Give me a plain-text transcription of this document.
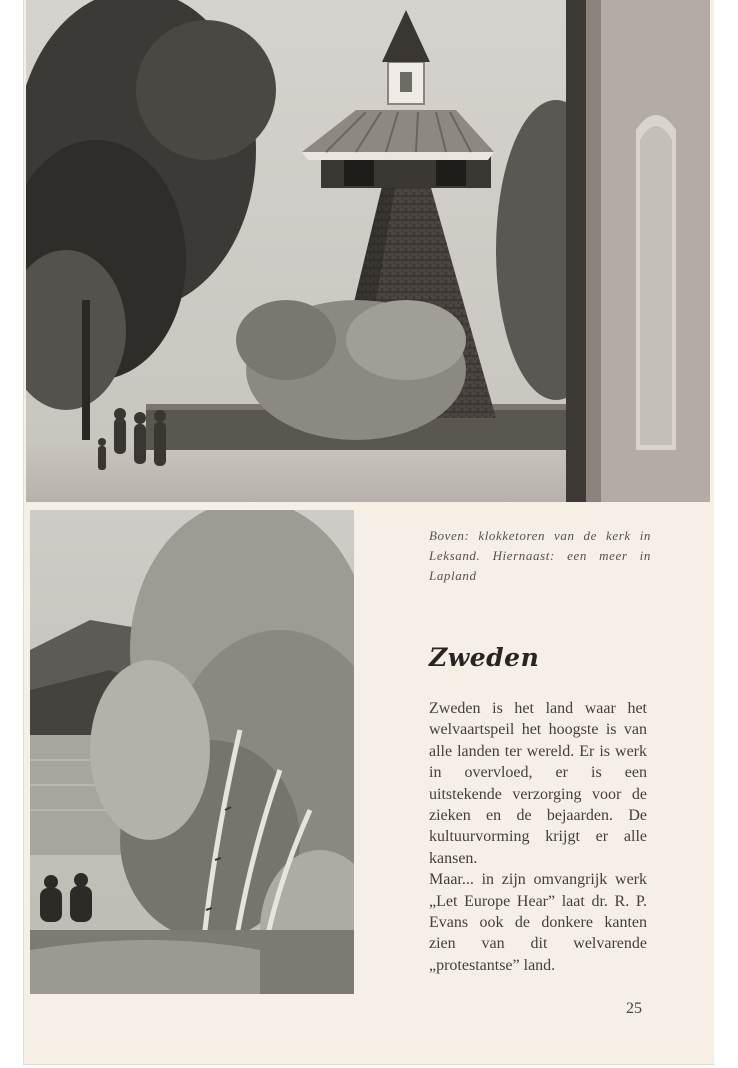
Boven: klokketoren van de kerk in Leksand. Hiernaast: een meer in Lapland

Zweden

Zweden is het land waar het welvaartspeil het hoogste is van alle landen ter wereld. Er is werk in overvloed, er is een uitstekende verzorging voor de zieken en de bejaarden. De kultuurvorming krijgt er alle kansen.

Maar... in zijn omvangrijk werk „Let Europe Hear” laat dr. R. P. Evans ook de donkere kanten zien van dit welvarende „protestantse” land.

25
